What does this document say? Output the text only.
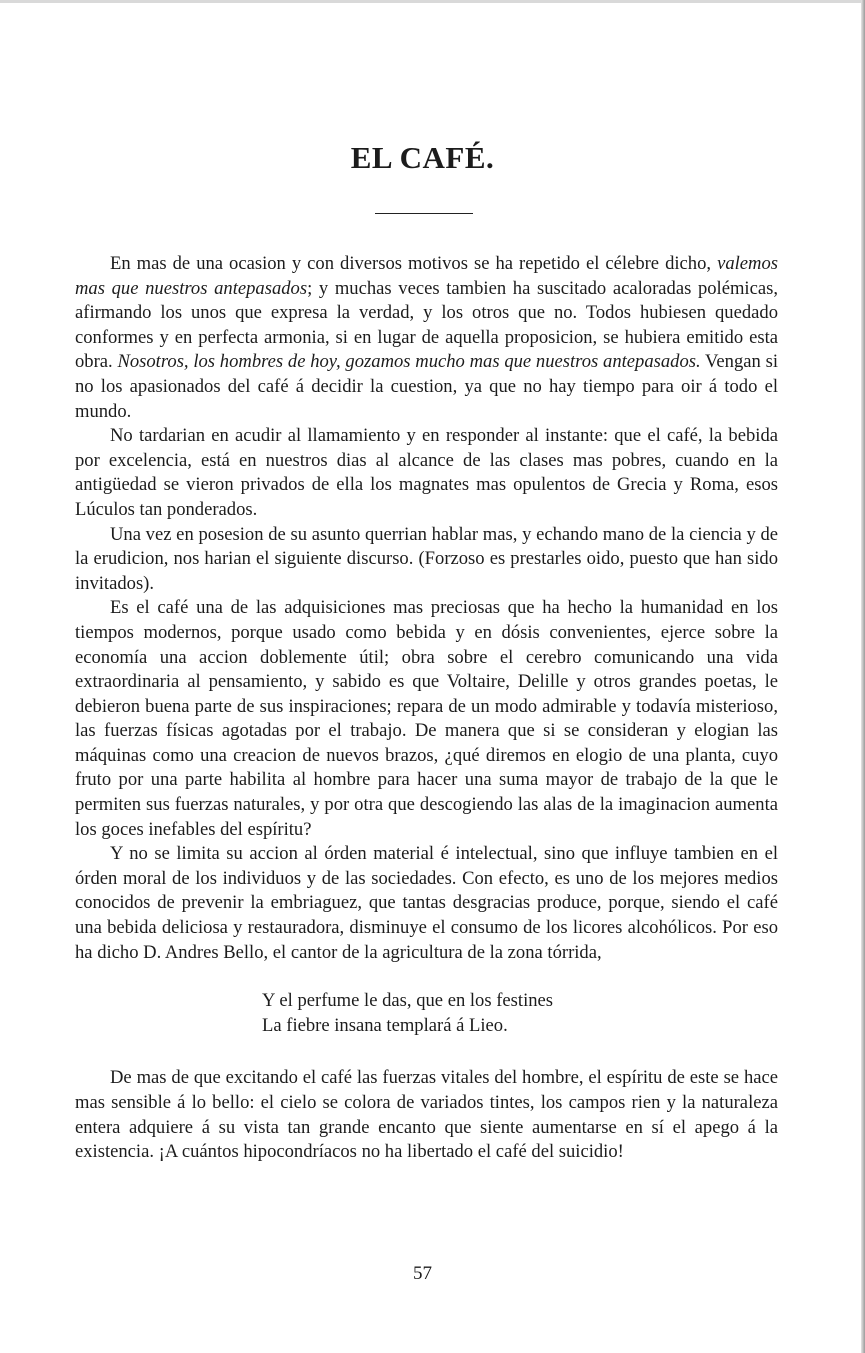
EL CAFÉ.

En mas de una ocasion y con diversos motivos se ha repetido el célebre dicho, valemos mas que nuestros antepasados; y muchas veces tambien ha suscitado acaloradas polémicas, afirmando los unos que expresa la verdad, y los otros que no. Todos hubiesen quedado conformes y en perfecta armonia, si en lugar de aquella proposicion, se hubiera emitido esta obra. Nosotros, los hombres de hoy, gozamos mucho mas que nuestros antepasados. Vengan si no los apasionados del café á decidir la cuestion, ya que no hay tiempo para oir á todo el mundo.

No tardarian en acudir al llamamiento y en responder al instante: que el café, la bebida por excelencia, está en nuestros dias al alcance de las clases mas pobres, cuando en la antigüedad se vieron privados de ella los magnates mas opulentos de Grecia y Roma, esos Lúculos tan ponderados.

Una vez en posesion de su asunto querrian hablar mas, y echando mano de la ciencia y de la erudicion, nos harian el siguiente discurso. (Forzoso es prestarles oido, puesto que han sido invitados).

Es el café una de las adquisiciones mas preciosas que ha hecho la humanidad en los tiempos modernos, porque usado como bebida y en dósis convenientes, ejerce sobre la economía una accion doblemente útil; obra sobre el cerebro comunicando una vida extraordinaria al pensamiento, y sabido es que Voltaire, Delille y otros grandes poetas, le debieron buena parte de sus inspiraciones; repara de un modo admirable y todavía misterioso, las fuerzas físicas agotadas por el trabajo. De manera que si se consideran y elogian las máquinas como una creacion de nuevos brazos, ¿qué diremos en elogio de una planta, cuyo fruto por una parte habilita al hombre para hacer una suma mayor de trabajo de la que le permiten sus fuerzas naturales, y por otra que descogiendo las alas de la imaginacion aumenta los goces inefables del espíritu?

Y no se limita su accion al órden material é intelectual, sino que influye tambien en el órden moral de los individuos y de las sociedades. Con efecto, es uno de los mejores medios conocidos de prevenir la embriaguez, que tantas desgracias produce, porque, siendo el café una bebida deliciosa y restauradora, disminuye el consumo de los licores alcohólicos. Por eso ha dicho D. Andres Bello, el cantor de la agricultura de la zona tórrida,

Y el perfume le das, que en los festines
La fiebre insana templará á Lieo.

De mas de que excitando el café las fuerzas vitales del hombre, el espíritu de este se hace mas sensible á lo bello: el cielo se colora de variados tintes, los campos rien y la naturaleza entera adquiere á su vista tan grande encanto que siente aumentarse en sí el apego á la existencia. ¡A cuántos hipocondríacos no ha libertado el café del suicidio!

57
